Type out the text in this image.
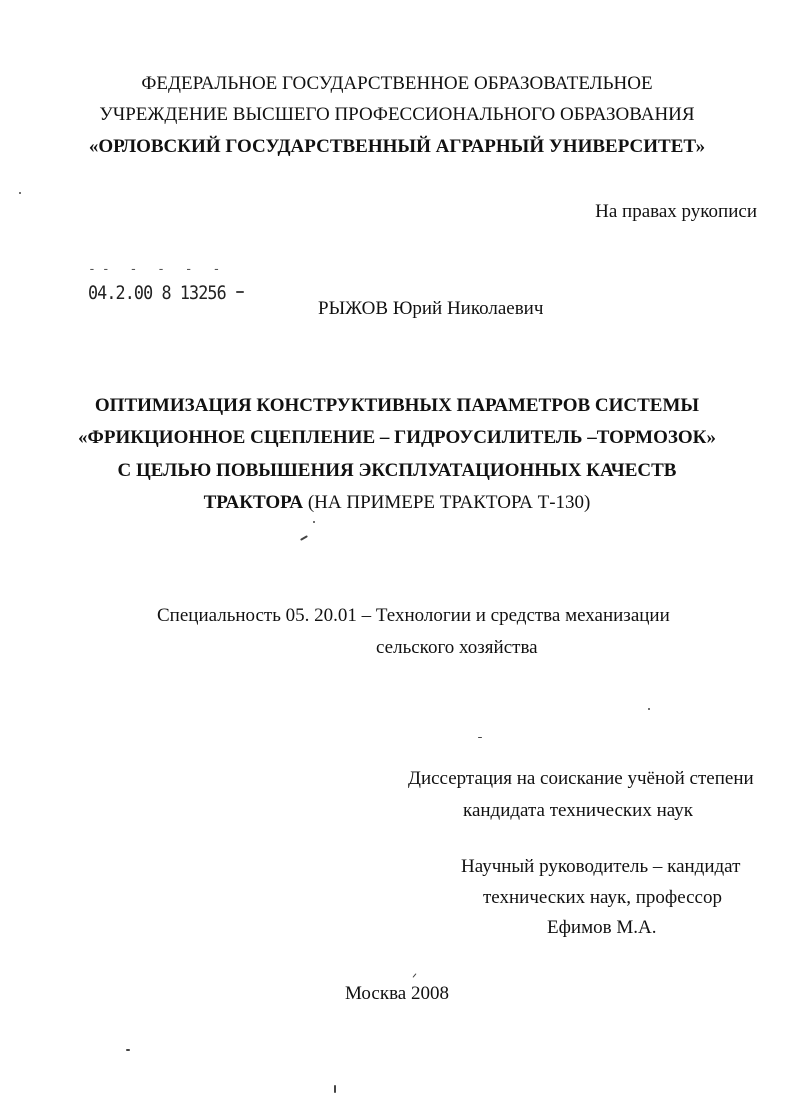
ФЕДЕРАЛЬНОЕ ГОСУДАРСТВЕННОЕ ОБРАЗОВАТЕЛЬНОЕ
УЧРЕЖДЕНИЕ ВЫСШЕГО ПРОФЕССИОНАЛЬНОГО ОБРАЗОВАНИЯ
«ОРЛОВСКИЙ ГОСУДАРСТВЕННЫЙ АГРАРНЫЙ УНИВЕРСИТЕТ»
На правах рукописи
-- - - - -
04.2.00 8 13256
РЫЖОВ Юрий Николаевич
ОПТИМИЗАЦИЯ КОНСТРУКТИВНЫХ ПАРАМЕТРОВ СИСТЕМЫ
«ФРИКЦИОННОЕ СЦЕПЛЕНИЕ – ГИДРОУСИЛИТЕЛЬ –ТОРМОЗОК»
С ЦЕЛЬЮ ПОВЫШЕНИЯ ЭКСПЛУАТАЦИОННЫХ КАЧЕСТВ
ТРАКТОРА (НА ПРИМЕРЕ ТРАКТОРА Т-130)
Специальность 05. 20.01 – Технологии и средства механизации
сельского хозяйства
Диссертация на соискание учёной степени
кандидата технических наук
Научный руководитель – кандидат
технических наук, профессор
Ефимов М.А.
Москва 2008
